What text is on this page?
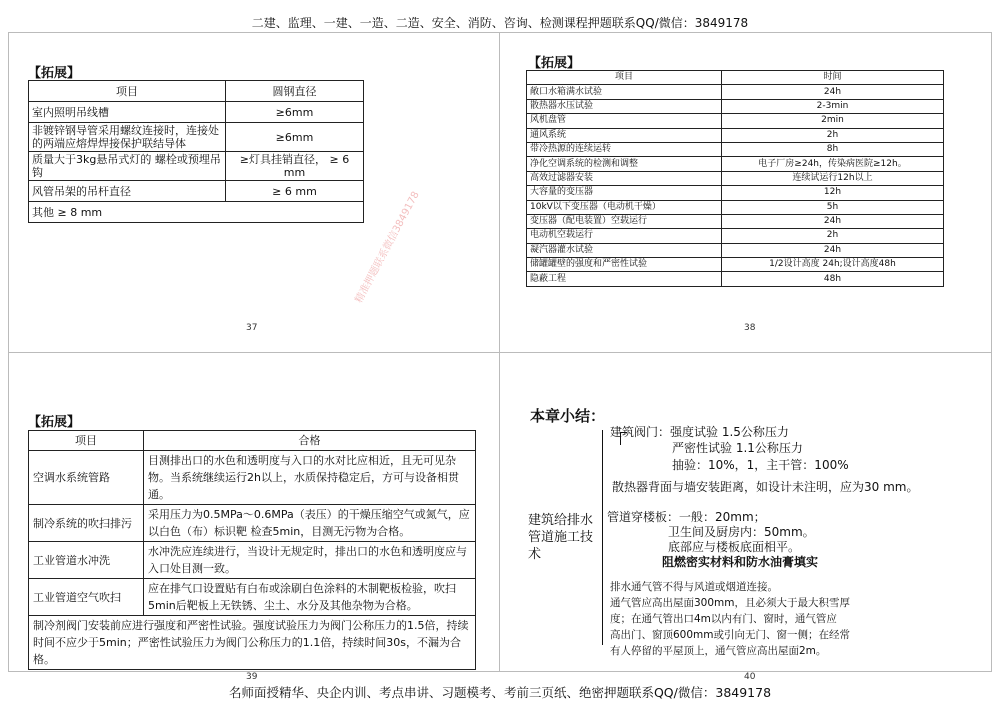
二建、监理、一建、一造、二造、安全、消防、咨询、检测课程押题联系QQ/微信：3849178
【拓展】
项目	圆钢直径
室内照明吊线槽	≥6mm
非镀锌钢导管采用螺纹连接时，连接处的两端应熔焊焊接保护联结导体	≥6mm
质量大于3kg悬吊式灯的 螺栓或预埋吊钩	≥灯具挂销直径， ≥ 6 mm
风管吊架的吊杆直径	≥ 6 mm
其他 ≥ 8 mm	
37
精准押题联系微信3849178
【拓展】
项目	时间
敞口水箱满水试验	24h
散热器水压试验	2-3min
风机盘管	2min
通风系统	2h
带冷热源的连续运转	8h
净化空调系统的检测和调整	电子厂房≥24h，传染病医院≥12h。
高效过滤器安装	连续试运行12h以上
大容量的变压器	12h
10kV以下变压器（电动机干燥）	5h
变压器（配电装置）空载运行	24h
电动机空载运行	2h
凝汽器灌水试验	24h
储罐罐壁的强度和严密性试验	1/2设计高度 24h;设计高度48h
隐蔽工程	48h
38
【拓展】
项目	合格
空调水系统管路	目测排出口的水色和透明度与入口的水对比应相近，且无可见杂物。当系统继续运行2h以上，水质保持稳定后，方可与设备相贯通。
制冷系统的吹扫排污	采用压力为0.5MPa～0.6MPa（表压）的干燥压缩空气或氮气，应以白色（布）标识靶 检查5min，目测无污物为合格。
工业管道水冲洗	水冲洗应连续进行，当设计无规定时，排出口的水色和透明度应与入口处目测一致。
工业管道空气吹扫	应在排气口设置贴有白布或涂刷白色涂料的木制靶板检验，吹扫5min后靶板上无铁锈、尘土、水分及其他杂物为合格。
制冷剂阀门安装前应进行强度和严密性试验。强度试验压力为阀门公称压力的1.5倍，持续时间不应少于5min；严密性试验压力为阀门公称压力的1.1倍，持续时间30s，不漏为合格。	
39
本章小结：
建筑给排水管道施工技术
建筑阀门：强度试验 1.5公称压力
严密性试验 1.1公称压力
抽验：10%，1，主干管：100%
散热器背面与墙安装距离，如设计未注明，应为30 mm。
管道穿楼板：一般：20mm；
卫生间及厨房内：50mm。
底部应与楼板底面相平。
阻燃密实材料和防水油膏填实
排水通气管不得与风道或烟道连接。
通气管应高出屋面300mm，且必须大于最大积雪厚
度；在通气管出口4m以内有门、窗时，通气管应
高出门、窗顶600mm或引向无门、窗一侧；在经常
有人停留的平屋顶上，通气管应高出屋面2m。
40
名师面授精华、央企内训、考点串讲、习题模考、考前三页纸、绝密押题联系QQ/微信：3849178
